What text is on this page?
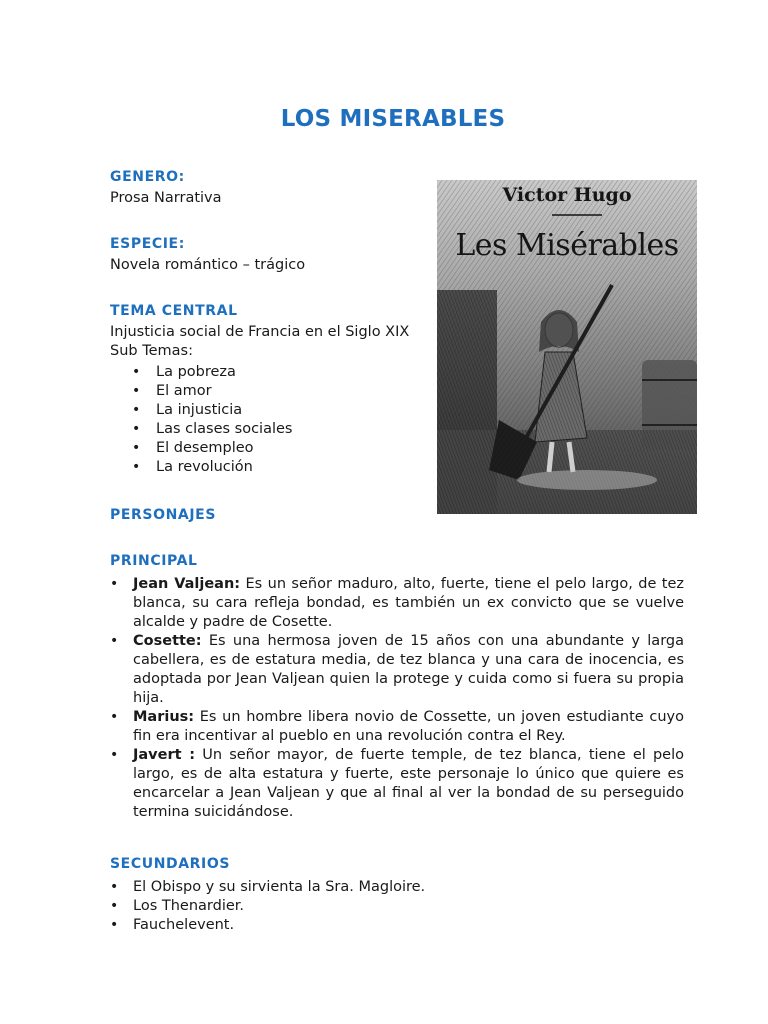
LOS MISERABLES
GENERO:
Prosa Narrativa
ESPECIE:
Novela romántico – trágico
TEMA CENTRAL
Injusticia social de Francia en el Siglo XIX
Sub Temas:
• La pobreza
• El amor
• La injusticia
• Las clases sociales
• El desempleo
• La revolución
Victor Hugo
Les Misérables
PERSONAJES
PRINCIPAL
• Jean Valjean: Es un señor maduro, alto, fuerte, tiene el pelo largo, de tez blanca, su cara refleja bondad, es también un ex convicto que se vuelve alcalde y padre de Cosette.
• Cosette: Es una hermosa joven de 15 años con una abundante y larga cabellera, es de estatura media, de tez blanca y una cara de inocencia, es adoptada por Jean Valjean quien la protege y cuida como si fuera su propia hija.
• Marius: Es un hombre libera novio de Cossette, un joven estudiante cuyo fin era incentivar al pueblo en una revolución contra el Rey.
• Javert : Un señor mayor, de fuerte temple, de tez blanca, tiene el pelo largo, es de alta estatura y fuerte, este personaje lo único que quiere es encarcelar a Jean Valjean y que al final al ver la bondad de su perseguido termina suicidándose.
SECUNDARIOS
• El Obispo y su sirvienta la Sra. Magloire.
• Los Thenardier.
• Fauchelevent.
